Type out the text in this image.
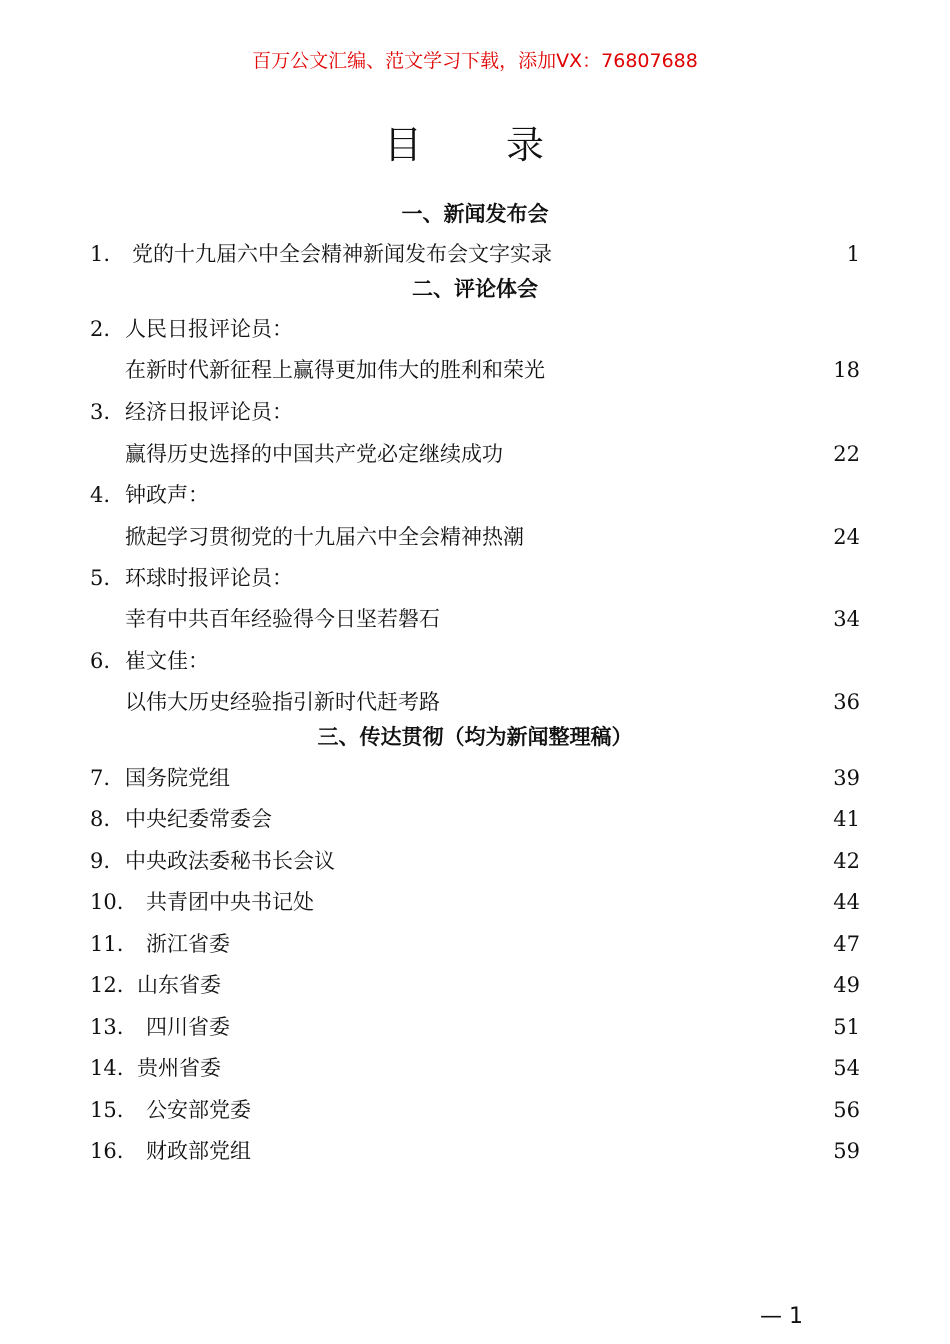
百万公文汇编、范文学习下载，添加VX：76807688
目 录
一、新闻发布会
1. 党的十九届六中全会精神新闻发布会文字实录	1
二、评论体会
2. 人民日报评论员：
在新时代新征程上赢得更加伟大的胜利和荣光	18
3. 经济日报评论员：
赢得历史选择的中国共产党必定继续成功	22
4. 钟政声：
掀起学习贯彻党的十九届六中全会精神热潮	24
5. 环球时报评论员：
幸有中共百年经验得今日坚若磐石	34
6. 崔文佳：
以伟大历史经验指引新时代赶考路	36
三、传达贯彻（均为新闻整理稿）
7. 国务院党组	39
8. 中央纪委常委会	41
9. 中央政法委秘书长会议	42
10. 共青团中央书记处	44
11. 浙江省委	47
12. 山东省委	49
13. 四川省委	51
14. 贵州省委	54
15. 公安部党委	56
16. 财政部党组	59
— 1
